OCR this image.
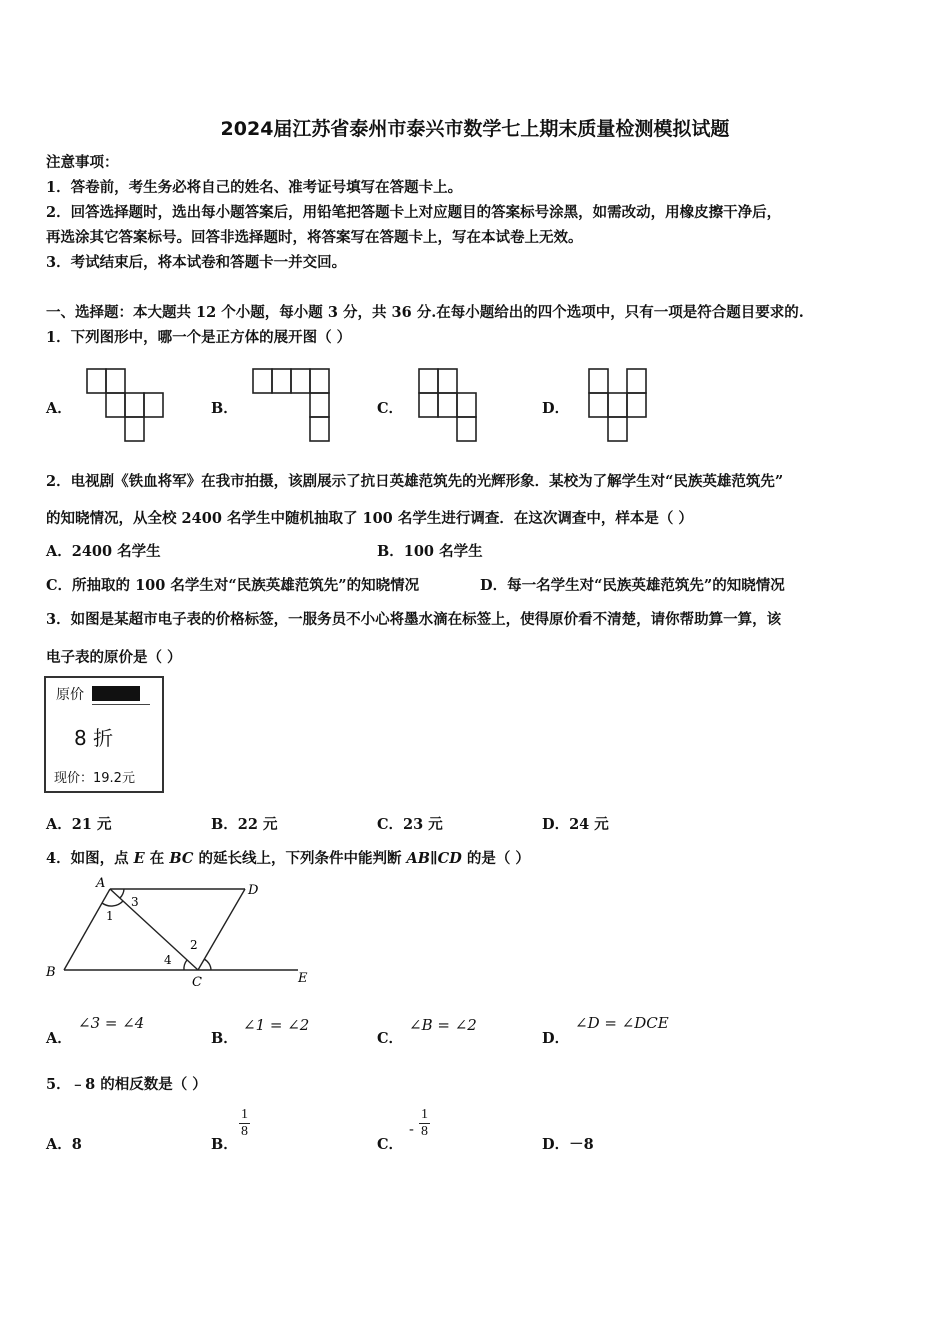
2024届江苏省泰州市泰兴市数学七上期末质量检测模拟试题
注意事项：
1．答卷前，考生务必将自己的姓名、准考证号填写在答题卡上。
2．回答选择题时，选出每小题答案后，用铅笔把答题卡上对应题目的答案标号涂黑，如需改动，用橡皮擦干净后，
再选涂其它答案标号。回答非选择题时，将答案写在答题卡上，写在本试卷上无效。
3．考试结束后，将本试卷和答题卡一并交回。
一、选择题：本大题共 12 个小题，每小题 3 分，共 36 分.在每小题给出的四个选项中，只有一项是符合题目要求的.
1．下列图形中，哪一个是正方体的展开图（ ）
A．	B．	C．	D．
2．电视剧《铁血将军》在我市拍摄，该剧展示了抗日英雄范筑先的光辉形象．某校为了解学生对“民族英雄范筑先”
的知晓情况，从全校 2400 名学生中随机抽取了 100 名学生进行调查．在这次调查中，样本是（ ）
A．2400 名学生	B．100 名学生
C．所抽取的 100 名学生对“民族英雄范筑先”的知晓情况	D．每一名学生对“民族英雄范筑先”的知晓情况
3．如图是某超市电子表的价格标签，一服务员不小心将墨水滴在标签上，使得原价看不清楚，请你帮助算一算，该
电子表的原价是（ ）
原价
8 折
现价：19.2元
A．21 元	B．22 元	C．23 元	D．24 元
4．如图，点 E 在 BC 的延长线上，下列条件中能判断 AB∥CD 的是（ ）
A	D
B
C	E
1
2
3
4
A．
∠3 = ∠4
B．
∠1 = ∠2
C．
∠B = ∠2
D．
∠D = ∠DCE
5．﹣8 的相反数是（ ）
A．8	B．
$\frac{1}{8}$
C．
- $\frac{1}{8}$
D．－8
